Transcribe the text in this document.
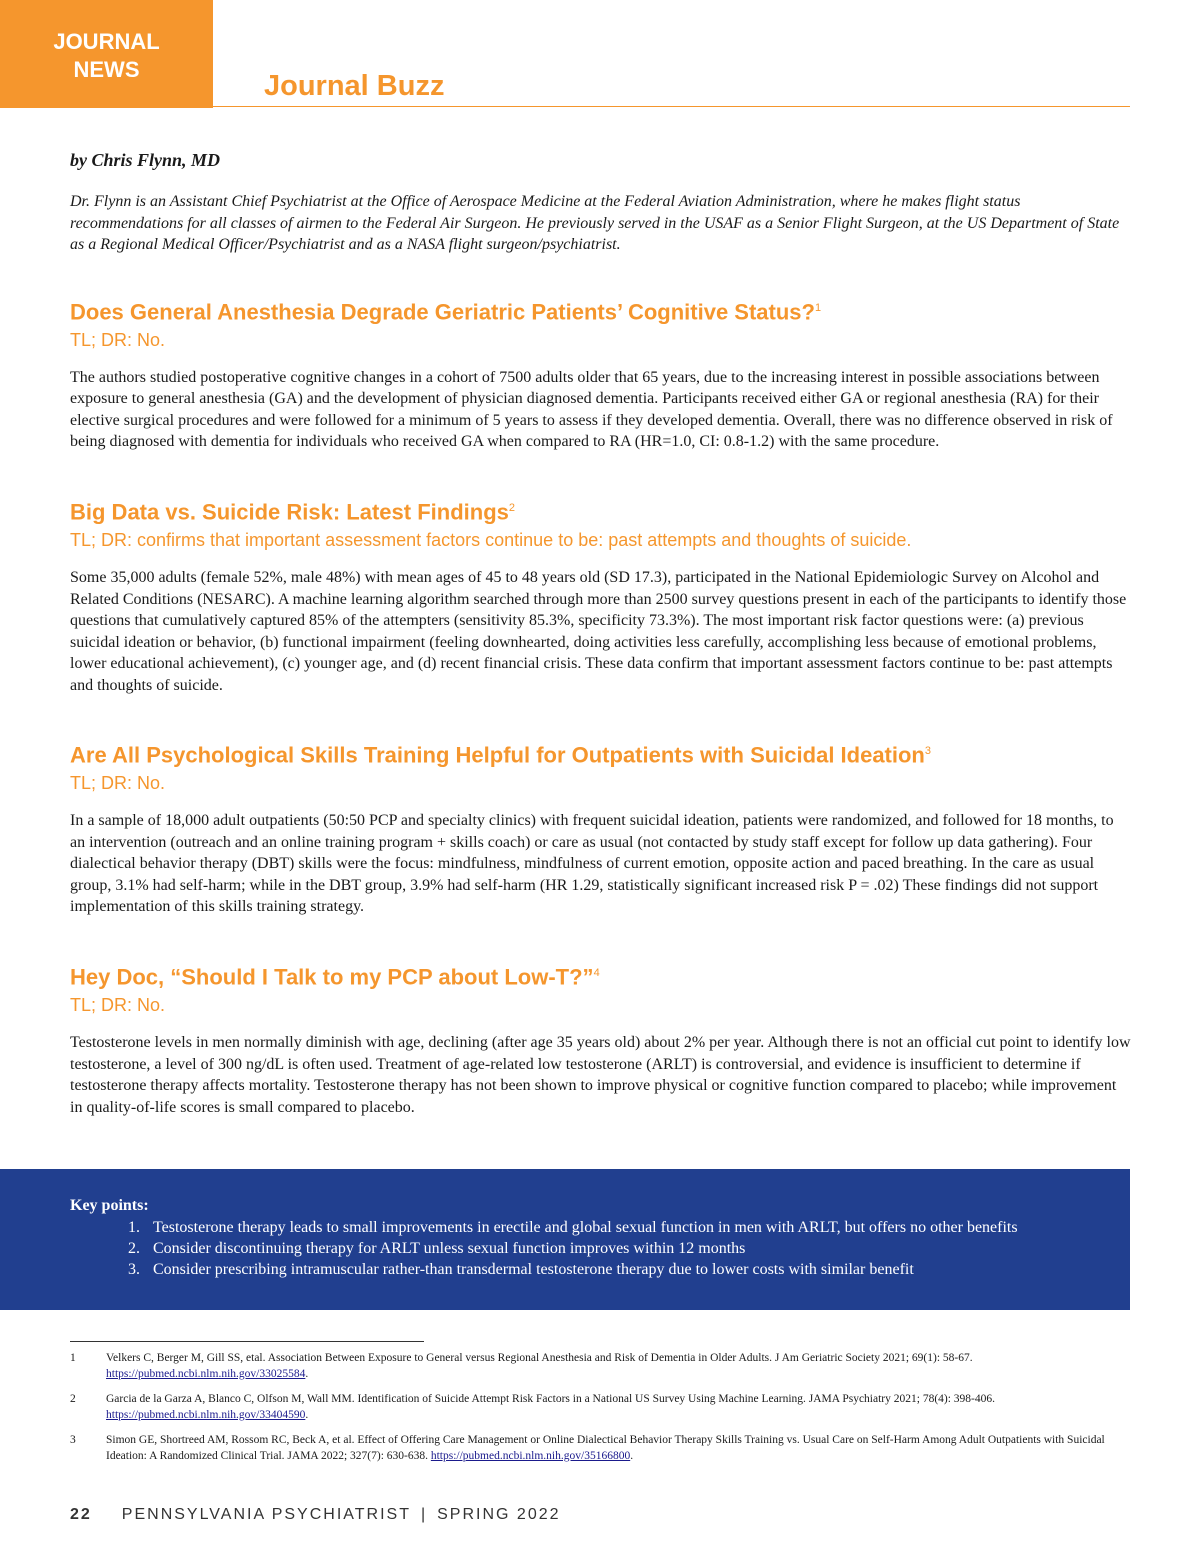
JOURNAL
NEWS
Journal Buzz

by Chris Flynn, MD

Dr. Flynn is an Assistant Chief Psychiatrist at the Office of Aerospace Medicine at the Federal Aviation Administration, where he makes flight status recommendations for all classes of airmen to the Federal Air Surgeon. He previously served in the USAF as a Senior Flight Surgeon, at the US Department of State as a Regional Medical Officer/Psychiatrist and as a NASA flight surgeon/psychiatrist.

Does General Anesthesia Degrade Geriatric Patients’ Cognitive Status?$^1$

TL; DR: No.

The authors studied postoperative cognitive changes in a cohort of 7500 adults older that 65 years, due to the increasing interest in possible associations between exposure to general anesthesia (GA) and the development of physician diagnosed dementia. Participants received either GA or regional anesthesia (RA) for their elective surgical procedures and were followed for a minimum of 5 years to assess if they developed dementia. Overall, there was no difference observed in risk of being diagnosed with dementia for individuals who received GA when compared to RA (HR=1.0, CI: 0.8-1.2) with the same procedure.

Big Data vs. Suicide Risk: Latest Findings$^2$

TL; DR: confirms that important assessment factors continue to be: past attempts and thoughts of suicide.

Some 35,000 adults (female 52%, male 48%) with mean ages of 45 to 48 years old (SD 17.3), participated in the National Epidemiologic Survey on Alcohol and Related Conditions (NESARC). A machine learning algorithm searched through more than 2500 survey questions present in each of the participants to identify those questions that cumulatively captured 85% of the attempters (sensitivity 85.3%, specificity 73.3%). The most important risk factor questions were: (a) previous suicidal ideation or behavior, (b) functional impairment (feeling downhearted, doing activities less carefully, accomplishing less because of emotional problems, lower educational achievement), (c) younger age, and (d) recent financial crisis. These data confirm that important assessment factors continue to be: past attempts and thoughts of suicide.

Are All Psychological Skills Training Helpful for Outpatients with Suicidal Ideation$^3$

TL; DR: No.

In a sample of 18,000 adult outpatients (50:50 PCP and specialty clinics) with frequent suicidal ideation, patients were randomized, and followed for 18 months, to an intervention (outreach and an online training program + skills coach) or care as usual (not contacted by study staff except for follow up data gathering). Four dialectical behavior therapy (DBT) skills were the focus: mindfulness, mindfulness of current emotion, opposite action and paced breathing. In the care as usual group, 3.1% had self-harm; while in the DBT group, 3.9% had self-harm (HR 1.29, statistically significant increased risk P = .02) These findings did not support implementation of this skills training strategy.

Hey Doc, “Should I Talk to my PCP about Low-T?”$^4$

TL; DR: No.

Testosterone levels in men normally diminish with age, declining (after age 35 years old) about 2% per year. Although there is not an official cut point to identify low testosterone, a level of 300 ng/dL is often used. Treatment of age-related low testosterone (ARLT) is controversial, and evidence is insufficient to determine if testosterone therapy affects mortality. Testosterone therapy has not been shown to improve physical or cognitive function compared to placebo; while improvement in quality-of-life scores is small compared to placebo.

Key points:

1. Testosterone therapy leads to small improvements in erectile and global sexual function in men with ARLT, but offers no other benefits
2. Consider discontinuing therapy for ARLT unless sexual function improves within 12 months
3. Consider prescribing intramuscular rather-than transdermal testosterone therapy due to lower costs with similar benefit
1	Velkers C, Berger M, Gill SS, etal. Association Between Exposure to General versus Regional Anesthesia and Risk of Dementia in Older Adults. J Am Geriatric Society 2021; 69(1): 58-67. https://pubmed.ncbi.nlm.nih.gov/33025584.
2	Garcia de la Garza A, Blanco C, Olfson M, Wall MM. Identification of Suicide Attempt Risk Factors in a National US Survey Using Machine Learning. JAMA Psychiatry 2021; 78(4): 398-406. https://pubmed.ncbi.nlm.nih.gov/33404590.
3	Simon GE, Shortreed AM, Rossom RC, Beck A, et al. Effect of Offering Care Management or Online Dialectical Behavior Therapy Skills Training vs. Usual Care on Self-Harm Among Adult Outpatients with Suicidal Ideation: A Randomized Clinical Trial. JAMA 2022; 327(7): 630-638. https://pubmed.ncbi.nlm.nih.gov/35166800.
22 PENNSYLVANIA PSYCHIATRIST | SPRING 2022
